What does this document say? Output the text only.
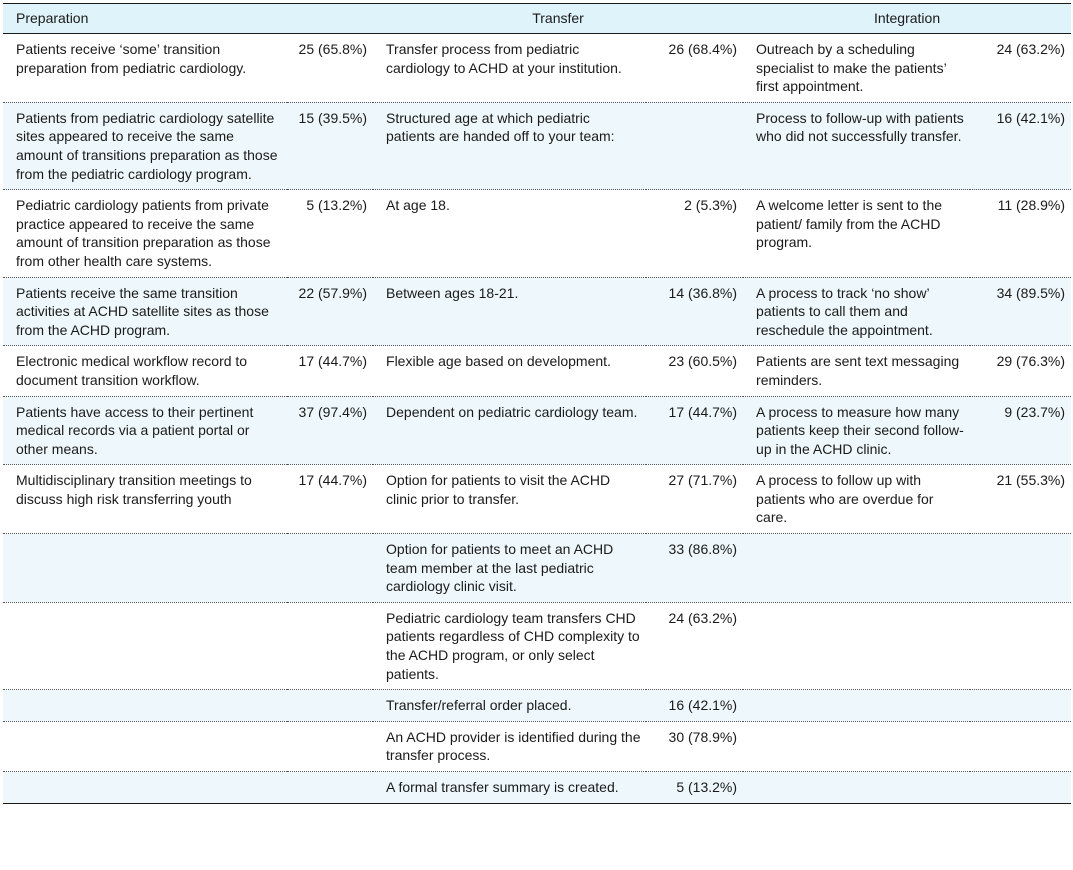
Preparation		Transfer		Integration	
Patients receive ‘some’ transition preparation from pediatric cardiology.	25 (65.8%)	Transfer process from pediatric cardiology to ACHD at your institution.	26 (68.4%)	Outreach by a scheduling specialist to make the patients’ first appointment.	24 (63.2%)
Patients from pediatric cardiology satellite sites appeared to receive the same amount of transitions preparation as those from the pediatric cardiology program.	15 (39.5%)	Structured age at which pediatric patients are handed off to your team:		Process to follow-up with patients who did not successfully transfer.	16 (42.1%)
Pediatric cardiology patients from private practice appeared to receive the same amount of transition preparation as those from other health care systems.	5 (13.2%)	At age 18.	2 (5.3%)	A welcome letter is sent to the patient/ family from the ACHD program.	11 (28.9%)
Patients receive the same transition activities at ACHD satellite sites as those from the ACHD program.	22 (57.9%)	Between ages 18-21.	14 (36.8%)	A process to track ‘no show’ patients to call them and reschedule the appointment.	34 (89.5%)
Electronic medical workflow record to document transition workflow.	17 (44.7%)	Flexible age based on development.	23 (60.5%)	Patients are sent text messaging reminders.	29 (76.3%)
Patients have access to their pertinent medical records via a patient portal or other means.	37 (97.4%)	Dependent on pediatric cardiology team.	17 (44.7%)	A process to measure how many patients keep their second follow-up in the ACHD clinic.	9 (23.7%)
Multidisciplinary transition meetings to discuss high risk transferring youth	17 (44.7%)	Option for patients to visit the ACHD clinic prior to transfer.	27 (71.7%)	A process to follow up with patients who are overdue for care.	21 (55.3%)
		Option for patients to meet an ACHD team member at the last pediatric cardiology clinic visit.	33 (86.8%)		
		Pediatric cardiology team transfers CHD patients regardless of CHD complexity to the ACHD program, or only select patients.	24 (63.2%)		
		Transfer/referral order placed.	16 (42.1%)		
		An ACHD provider is identified during the transfer process.	30 (78.9%)		
		A formal transfer summary is created.	5 (13.2%)		
